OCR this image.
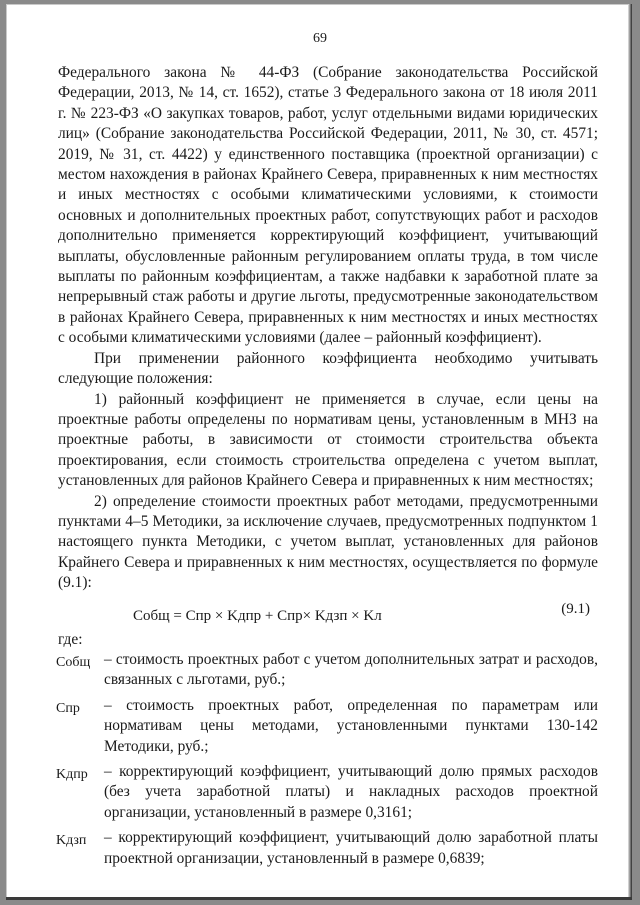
69

Федерального закона № 44-ФЗ (Собрание законодательства Российской Федерации, 2013, № 14, ст. 1652), статье 3 Федерального закона от 18 июля 2011 г. № 223-ФЗ «О закупках товаров, работ, услуг отдельными видами юридических лиц» (Собрание законодательства Российской Федерации, 2011, № 30, ст. 4571; 2019, № 31, ст. 4422) у единственного поставщика (проектной организации) с местом нахождения в районах Крайнего Севера, приравненных к ним местностях и иных местностях с особыми климатическими условиями, к стоимости основных и дополнительных проектных работ, сопутствующих работ и расходов дополнительно применяется корректирующий коэффициент, учитывающий выплаты, обусловленные районным регулированием оплаты труда, в том числе выплаты по районным коэффициентам, а также надбавки к заработной плате за непрерывный стаж работы и другие льготы, предусмотренные законодательством в районах Крайнего Севера, приравненных к ним местностях и иных местностях с особыми климатическими условиями (далее – районный коэффициент).

При применении районного коэффициента необходимо учитывать следующие положения:

1) районный коэффициент не применяется в случае, если цены на проектные работы определены по нормативам цены, установленным в МНЗ на проектные работы, в зависимости от стоимости строительства объекта проектирования, если стоимость строительства определена с учетом выплат, установленных для районов Крайнего Севера и приравненных к ним местностях;

2) определение стоимости проектных работ методами, предусмотренными пунктами 4–5 Методики, за исключение случаев, предусмотренных подпунктом 1 настоящего пункта Методики, с учетом выплат, установленных для районов Крайнего Севера и приравненных к ним местностях, осуществляется по формуле (9.1):

Cобщ = Cпр × Kдпр + Cпр× Kдзп × Kл	(9.1)

где:

Cобщ – стоимость проектных работ с учетом дополнительных затрат и расходов, связанных с льготами, руб.;
Cпр	– стоимость проектных работ, определенная по параметрам или нормативам цены методами, установленными пунктами 130-142 Методики, руб.;
Kдпр	– корректирующий коэффициент, учитывающий долю прямых расходов (без учета заработной платы) и накладных расходов проектной организации, установленный в размере 0,3161;
Kдзп	– корректирующий коэффициент, учитывающий долю заработной платы проектной организации, установленный в размере 0,6839;
